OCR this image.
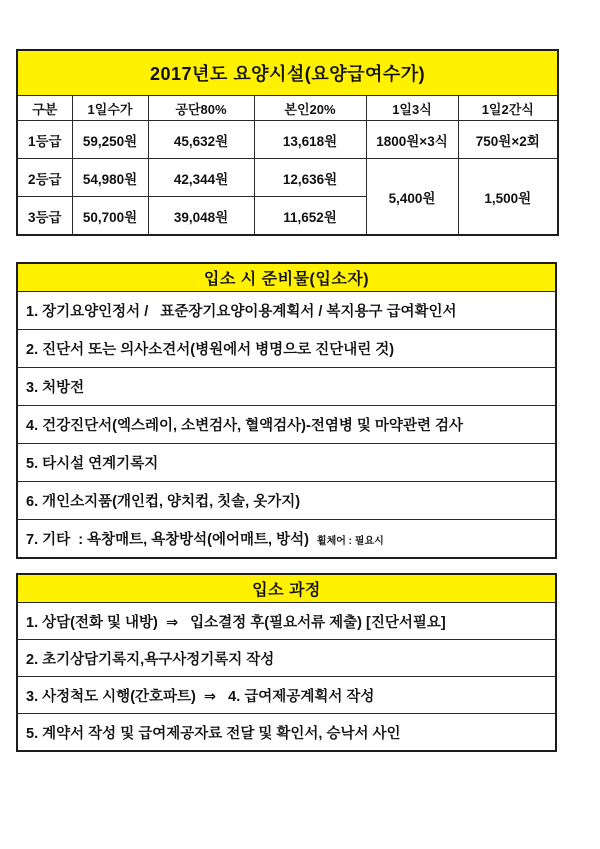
2017년도 요양시설(요양급여수가)					
구분	1일수가	공단80%	본인20%	1일3식	1일2간식
1등급	59,250원	45,632원	13,618원	1800원×3식	750원×2회
2등급	54,980원	42,344원	12,636원	5,400원	1,500원
3등급	50,700원	39,048원	11,652원		
입소 시 준비물(입소자)
1. 장기요양인정서 /   표준장기요양이용계획서 / 복지용구 급여확인서
2. 진단서 또는 의사소견서(병원에서 병명으로 진단내린 것)
3. 처방전
4. 건강진단서(엑스레이, 소변검사, 혈액검사)-전염병 및 마약관련 검사
5. 타시설 연계기록지
6. 개인소지품(개인컵, 양치컵, 칫솔, 옷가지)
7. 기타  : 욕창매트, 욕창방석(에어매트, 방석) 휠체어 : 필요시
입소 과정
1. 상담(전화 및 내방)  ⇒   입소결정 후(필요서류 제출) [진단서필요]
2. 초기상담기록지,욕구사정기록지 작성
3. 사정척도 시행(간호파트)  ⇒   4. 급여제공계획서 작성
5. 계약서 작성 및 급여제공자료 전달 및 확인서, 승낙서 사인
